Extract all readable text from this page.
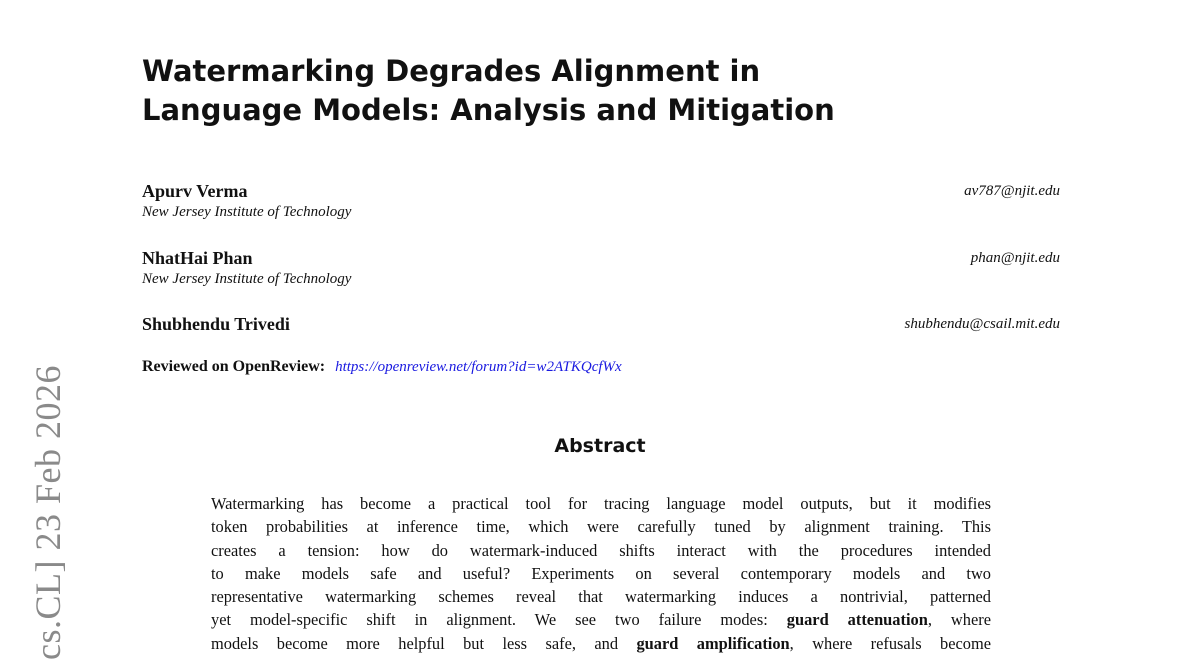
cs.CL] 23 Feb 2026
Watermarking Degrades Alignment in
Language Models: Analysis and Mitigation
Apurv Verma
New Jersey Institute of Technology
av787@njit.edu
NhatHai Phan
New Jersey Institute of Technology
phan@njit.edu
Shubhendu Trivedi	shubhendu@csail.mit.edu
Reviewed on OpenReview: https://openreview.net/forum?id=w2ATKQcfWx
Abstract
Watermarking has become a practical tool for tracing language model outputs, but it modifies
token probabilities at inference time, which were carefully tuned by alignment training. This
creates a tension: how do watermark-induced shifts interact with the procedures intended
to make models safe and useful? Experiments on several contemporary models and two
representative watermarking schemes reveal that watermarking induces a nontrivial, patterned
yet model-specific shift in alignment. We see two failure modes: guard attenuation, where
models become more helpful but less safe, and guard amplification, where refusals become
